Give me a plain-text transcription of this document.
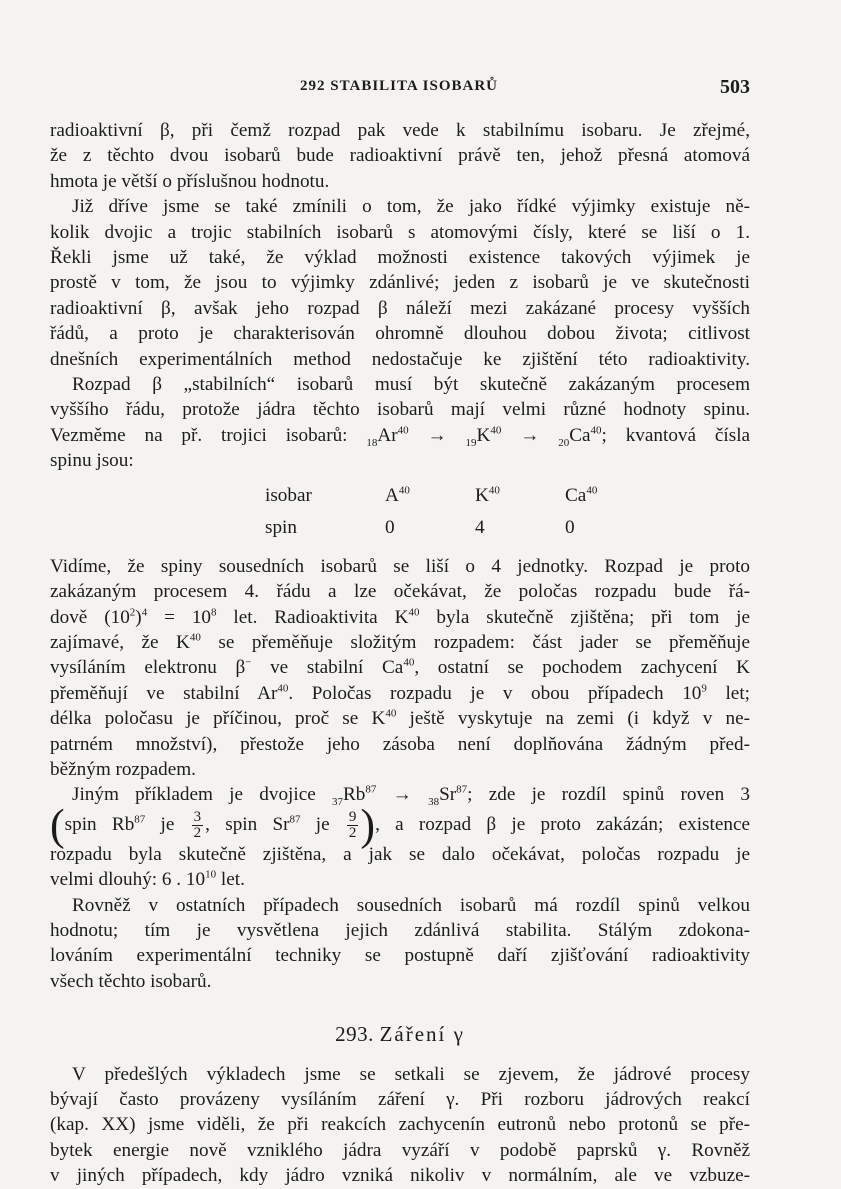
292 STABILITA ISOBARŮ	503
radioaktivní β, při čemž rozpad pak vede k stabilnímu isobaru. Je zřejmé,
že z těchto dvou isobarů bude radioaktivní právě ten, jehož přesná atomová
hmota je větší o příslušnou hodnotu.
Již dříve jsme se také zmínili o tom, že jako řídké výjimky existuje ně-
kolik dvojic a trojic stabilních isobarů s atomovými čísly, které se liší o 1.
Řekli jsme už také, že výklad možnosti existence takových výjimek je
prostě v tom, že jsou to výjimky zdánlivé; jeden z isobarů je ve skutečnosti
radioaktivní β, avšak jeho rozpad β náleží mezi zakázané procesy vyšších
řádů, a proto je charakterisován ohromně dlouhou dobou života; citlivost
dnešních experimentálních method nedostačuje ke zjištění této radioaktivity.
Rozpad β „stabilních“ isobarů musí být skutečně zakázaným procesem
vyššího řádu, protože jádra těchto isobarů mají velmi různé hodnoty spinu.
Vezměme na př. trojici isobarů: $_{18}Ar^{40} \to _{19}K^{40} \to _{20}Ca^{40}$; kvantová čísla
spinu jsou:
isobar	$A^{40}$	$K^{40}$	Ca$^{40}$
spin	0	4	0
Vidíme, že spiny sousedních isobarů se liší o 4 jednotky. Rozpad je proto
zakázaným procesem 4. řádu a lze očekávat, že poločas rozpadu bude řá-
dově $(10^2)^4 = 10^8$ let. Radioaktivita $K^{40}$ byla skutečně zjištěna; při tom je
zajímavé, že $K^{40}$ se přeměňuje složitým rozpadem: část jader se přeměňuje
vysíláním elektronu β− ve stabilní Ca$^{40}$, ostatní se pochodem zachycení K
přeměňují ve stabilní Ar$^{40}$. Poločas rozpadu je v obou případech $10^9$ let;
délka poločasu je příčinou, proč se $K^{40}$ ještě vyskytuje na zemi (i když v ne-
patrném množství), přestože jeho zásoba není doplňována žádným před-
běžným rozpadem.
Jiným příkladem je dvojice $_{37}Rb^{87} \to _{38}Sr^{87}$; zde je rozdíl spinů roven 3
(spin Rb$^{87}$ je $\frac{3}{2}$ , spin Sr$^{87}$ je $\frac{9}{2}$ ), a rozpad β je proto zakázán; existence
rozpadu byla skutečně zjištěna, a jak se dalo očekávat, poločas rozpadu je
velmi dlouhý: 6 . $10^{10}$ let.
Rovněž v ostatních případech sousedních isobarů má rozdíl spinů velkou
hodnotu; tím je vysvětlena jejich zdánlivá stabilita. Stálým zdokona-
lováním experimentální techniky se postupně daří zjišťování radioaktivity
všech těchto isobarů.
293. Záření γ
V předešlých výkladech jsme se setkali se zjevem, že jádrové procesy
bývají často provázeny vysíláním záření γ. Při rozboru jádrových reakcí
(kap. XX) jsme viděli, že při reakcích zachycenín eutronů nebo protonů se pře-
bytek energie nově vzniklého jádra vyzáří v podobě paprsků γ. Rovněž
v jiných případech, kdy jádro vzniká nikoliv v normálním, ale ve vzbuze-
